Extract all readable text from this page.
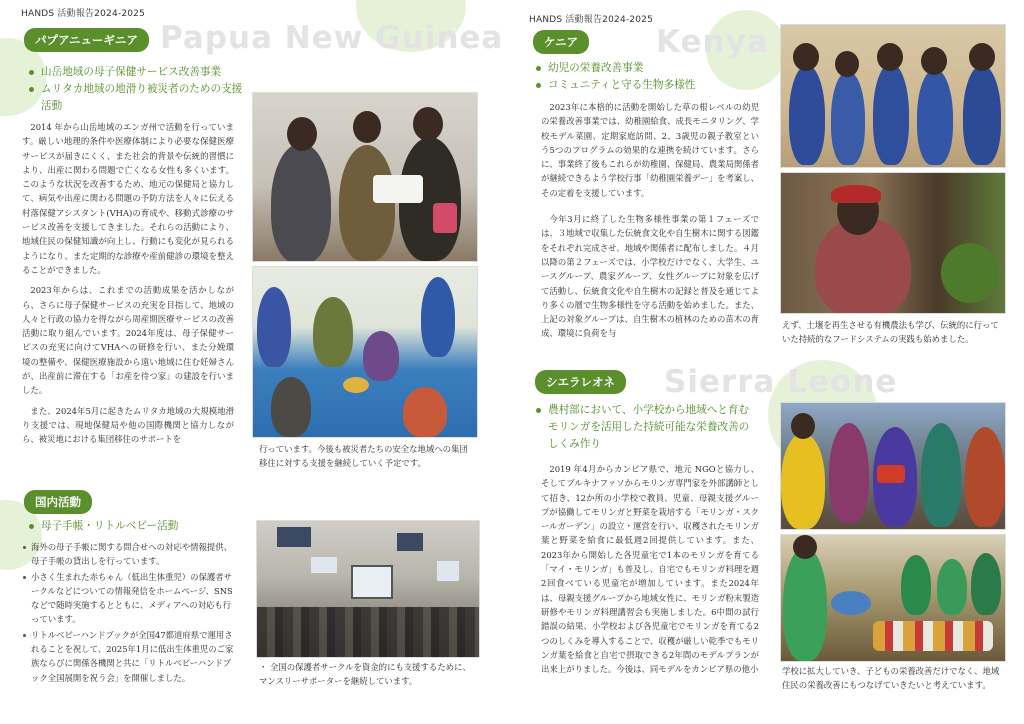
HANDS 活動報告2024-2025
パプアニューギニア Papua New Guinea
山岳地域の母子保健サービス改善事業
ムリタカ地域の地滑り被災者のための支援活動

2014 年から山岳地域のエンガ州で活動を行っています。厳しい地理的条件や医療体制により必要な保健医療サービスが届きにくく、また社会的背景や伝統的習慣により、出産に関わる問題で亡くなる女性も多くいます。このような状況を改善するため、地元の保健局と協力して、病気や出産に関わる問題の予防方法を人々に伝える村落保健アシスタント(VHA)の育成や、移動式診療のサービス改善を支援してきました。それらの活動により、地域住民の保健知識が向上し、行動にも変化が見られるようになり、また定期的な診療や産前健診の環境を整えることができました。

2023年からは、これまでの活動成果を活かしながら、さらに母子保健サービスの充実を目指して、地域の人々と行政の協力を得ながら周産期医療サービスの改善活動に取り組んでいます。2024年度は、母子保健サービスの充実に向けてVHAへの研修を行い、また分娩環境の整備や、保健医療施設から遠い地域に住む妊婦さんが、出産前に滞在する「お産を待つ家」の建設を行いました。

また、2024年5月に起きたムリタカ地域の大規模地滑り支援では、現地保健局や他の国際機関と協力しながら、被災地における集団移住のサポートを

行っています。今後も被災者たちの安全な地域への集団移住に対する支援を継続していく予定です。
国内活動
母子手帳・リトルベビー活動
海外の母子手帳に関する問合せへの対応や情報提供、母子手帳の貸出しを行っています。
小さく生まれた赤ちゃん（低出生体重児）の保護者サークルなどについての情報発信をホームページ、SNSなどで随時実施するとともに、メディアへの対応も行っています。
リトルベビーハンドブックが全国47都道府県で運用されることを祝して、2025年1月に低出生体重児のご家族ならびに関係各機関と共に「リトルベビーハンドブック全国展開を祝う会」を開催しました。
・ 全国の保護者サークルを資金的にも支援するために、マンスリーサポーターを継続しています。
HANDS 活動報告2024-2025
ケニア	Kenya
幼児の栄養改善事業
コミュニティと守る生物多様性

2023年に本格的に活動を開始した草の根レベルの幼児の栄養改善事業では、幼稚園給食、成長モニタリング、学校モデル菜園、定期家庭訪問、2、3歳児の親子教室という5つのプログラムの効果的な連携を続けています。さらに、事業終了後もこれらが幼稚園、保健局、農業局関係者が継続できるよう学校行事「幼稚園栄養デー」を考案し、その定着を支援しています。

今年3月に終了した生物多様性事業の第１フェーズでは、３地域で収集した伝統食文化や自生樹木に関する図鑑をそれぞれ完成させ、地域や関係者に配布しました。４月以降の第２フェーズでは、小学校だけでなく、大学生、ユースグループ、農家グループ、女性グループに対象を広げて活動し、伝統食文化や自生樹木の記録と普及を通じてより多くの層で生物多様性を守る活動を始めました。また、上記の対象グループは、自生樹木の植林のための苗木の育成、環境に負荷を与

えず、土壌を再生させる有機農法も学び、伝統的に行っていた持続的なフードシステムの実践も始めました。
シエラレオネ	Sierra Leone
農村部において、小学校から地域へと育むモリンガを活用した持続可能な栄養改善のしくみ作り

2019 年4月からカンビア県で、地元 NGOと協力し、そしてブルキナファソからモリンガ専門家を外部講師として招き、12か所の小学校で教員、児童、母親支援グループが協働してモリンガと野菜を栽培する「モリンガ・スクールガーデン」の設立・運営を行い、収穫されたモリンガ葉と野菜を給食に最低週2回提供しています。また、2023年から開始した各児童宅で1本のモリンガを育てる「マイ・モリンガ」も普及し、自宅でもモリンガ料理を週2回食べている児童宅が増加しています。また2024年は、母親支援グループから地域女性に、モリンガ粉末製造研修やモリンガ料理講習会も実施しました。6中間の試行錯誤の結果、小学校および各児童宅でモリンガを育てる2つのしくみを導入することで、収穫が厳しい乾季でもモリンガ葉を給食と自宅で摂取できる2年間のモデルプランが出来上がりました。今後は、同モデルをカンビア県の他小	学校に拡大していき、子どもの栄養改善だけでなく、地域住民の栄養改善にもつなげていきたいと考えています。
